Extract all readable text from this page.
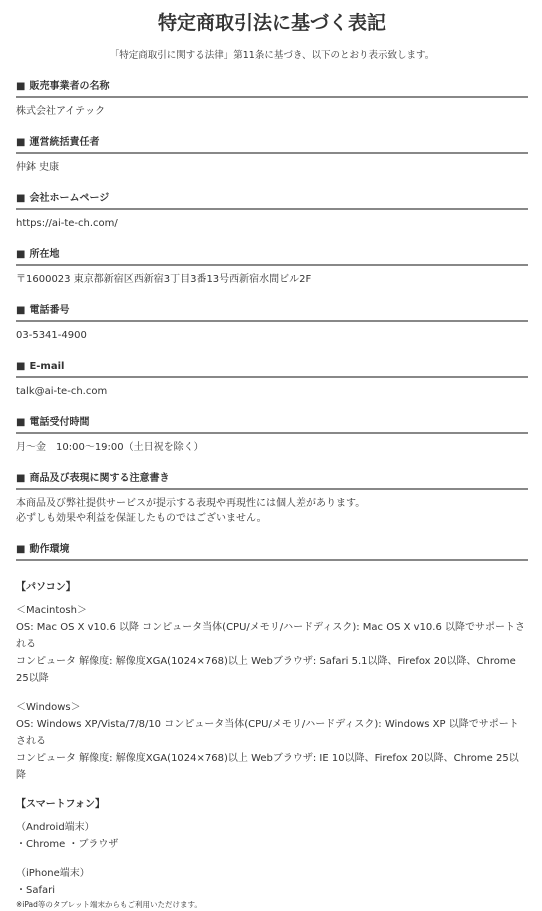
特定商取引法に基づく表記
「特定商取引に関する法律」第11条に基づき、以下のとおり表示致します。
■ 販売事業者の名称

株式会社アイテック

■ 運営統括責任者

仲鉢 史康

■ 会社ホームページ

https://ai-te-ch.com/

■ 所在地

〒1600023 東京都新宿区西新宿3丁目3番13号西新宿水間ビル2F

■ 電話番号

03-5341-4900

■ E-mail

talk@ai-te-ch.com

■ 電話受付時間

月〜金　10:00〜19:00（土日祝を除く）

■ 商品及び表現に関する注意書き

本商品及び弊社提供サービスが提示する表現や再現性には個人差があります。

必ずしも効果や利益を保証したものではございません。

■ 動作環境
【パソコン】

＜Macintosh＞

OS: Mac OS X v10.6 以降 コンピュータ当体(CPU/メモリ/ハードディスク): Mac OS X v10.6 以降でサポートされる

コンピュータ 解像度: 解像度XGA(1024×768)以上 Webブラウザ: Safari 5.1以降、Firefox 20以降、Chrome 25以降

＜Windows＞

OS: Windows XP/Vista/7/8/10 コンピュータ当体(CPU/メモリ/ハードディスク): Windows XP 以降でサポートされる

コンピュータ 解像度: 解像度XGA(1024×768)以上 Webブラウザ: IE 10以降、Firefox 20以降、Chrome 25以降

【スマートフォン】

（Android端末）

・Chrome ・ブラウザ

（iPhone端末）

・Safari

※iPad等のタブレット端末からもご利用いただけます。
